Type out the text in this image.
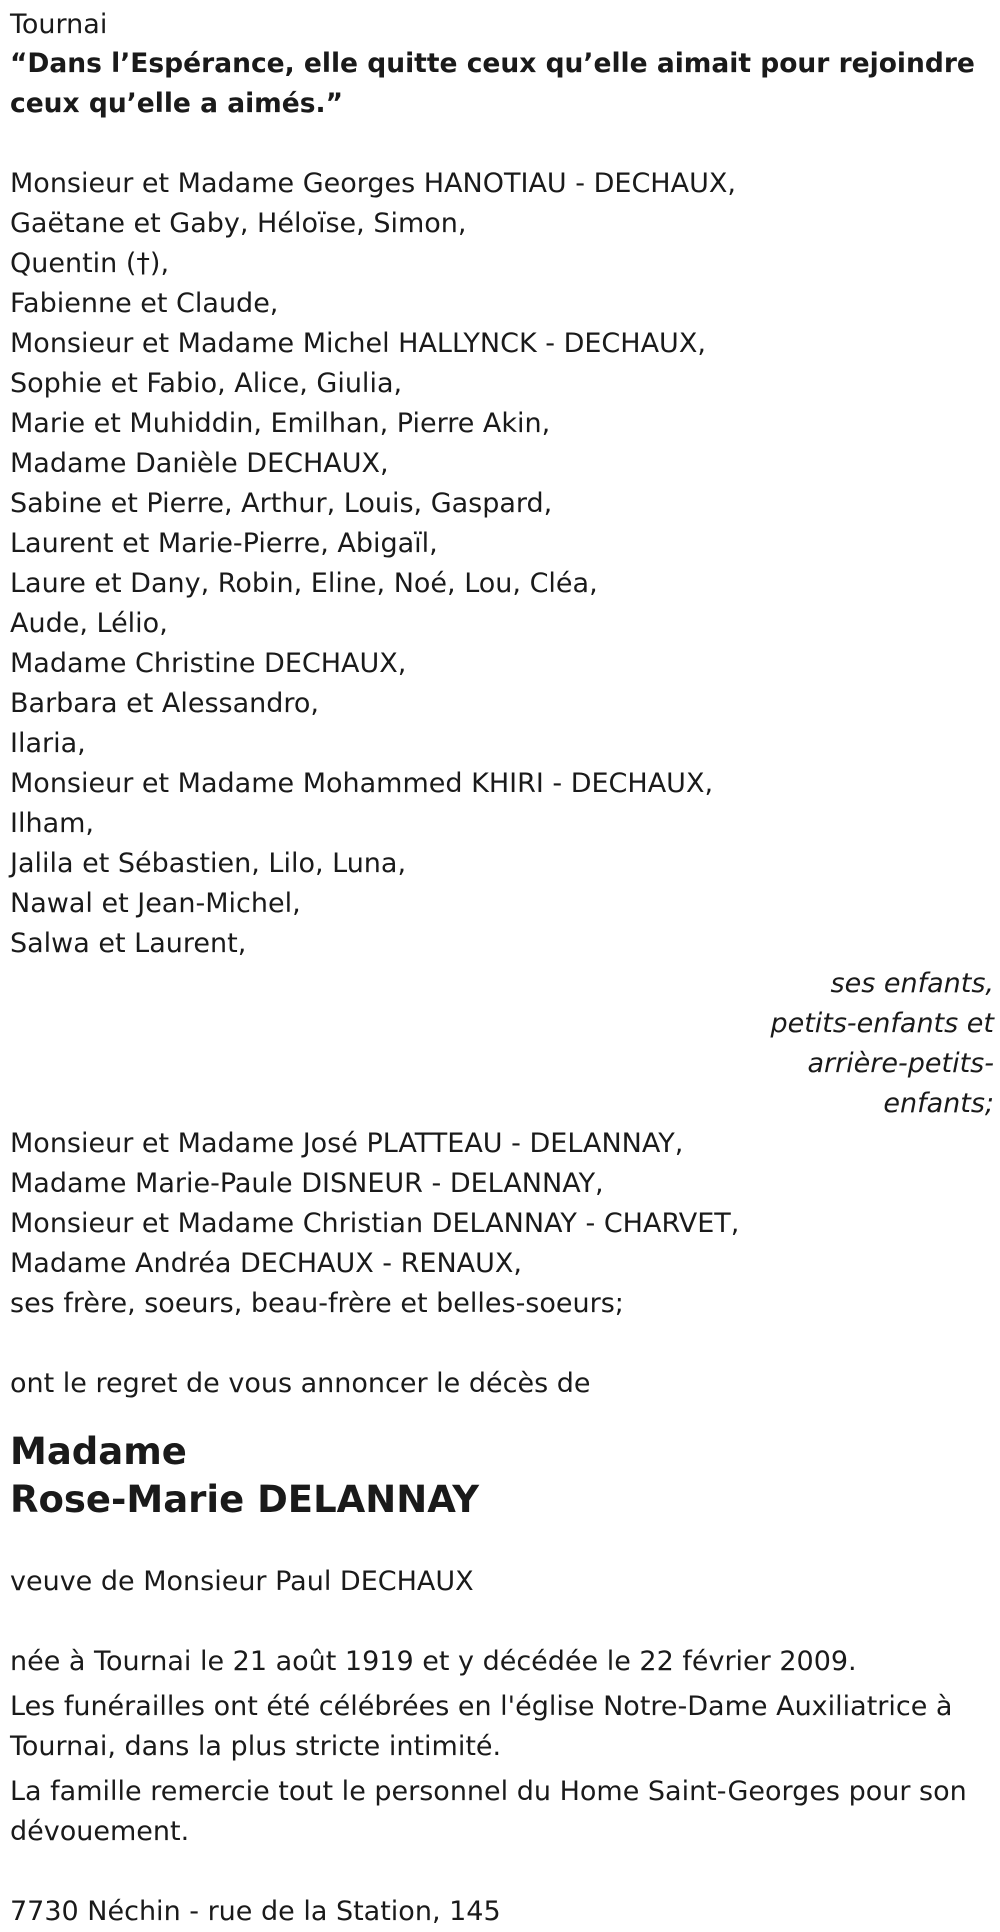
Tournai
“Dans l’Espérance, elle quitte ceux qu’elle aimait pour rejoindre ceux qu’elle a aimés.”
Monsieur et Madame Georges HANOTIAU - DECHAUX,
Gaëtane et Gaby, Héloïse, Simon,
Quentin (†),
Fabienne et Claude,
Monsieur et Madame Michel HALLYNCK - DECHAUX,
Sophie et Fabio, Alice, Giulia,
Marie et Muhiddin, Emilhan, Pierre Akin,
Madame Danièle DECHAUX,
Sabine et Pierre, Arthur, Louis, Gaspard,
Laurent et Marie-Pierre, Abigaïl,
Laure et Dany, Robin, Eline, Noé, Lou, Cléa,
Aude, Lélio,
Madame Christine DECHAUX,
Barbara et Alessandro,
Ilaria,
Monsieur et Madame Mohammed KHIRI - DECHAUX,
Ilham,
Jalila et Sébastien, Lilo, Luna,
Nawal et Jean-Michel,
Salwa et Laurent,
ses enfants, petits-enfants et arrière-petits-enfants;
Monsieur et Madame José PLATTEAU - DELANNAY,
Madame Marie-Paule DISNEUR - DELANNAY,
Monsieur et Madame Christian DELANNAY - CHARVET,
Madame Andréa DECHAUX - RENAUX,
ses frère, soeurs, beau-frère et belles-soeurs;
ont le regret de vous annoncer le décès de
Madame
Rose-Marie DELANNAY
veuve de Monsieur Paul DECHAUX
née à Tournai le 21 août 1919 et y décédée le 22 février 2009.
Les funérailles ont été célébrées en l'église Notre-Dame Auxiliatrice à Tournai, dans la plus stricte intimité.
La famille remercie tout le personnel du Home Saint-Georges pour son dévouement.
7730 Néchin - rue de la Station, 145
